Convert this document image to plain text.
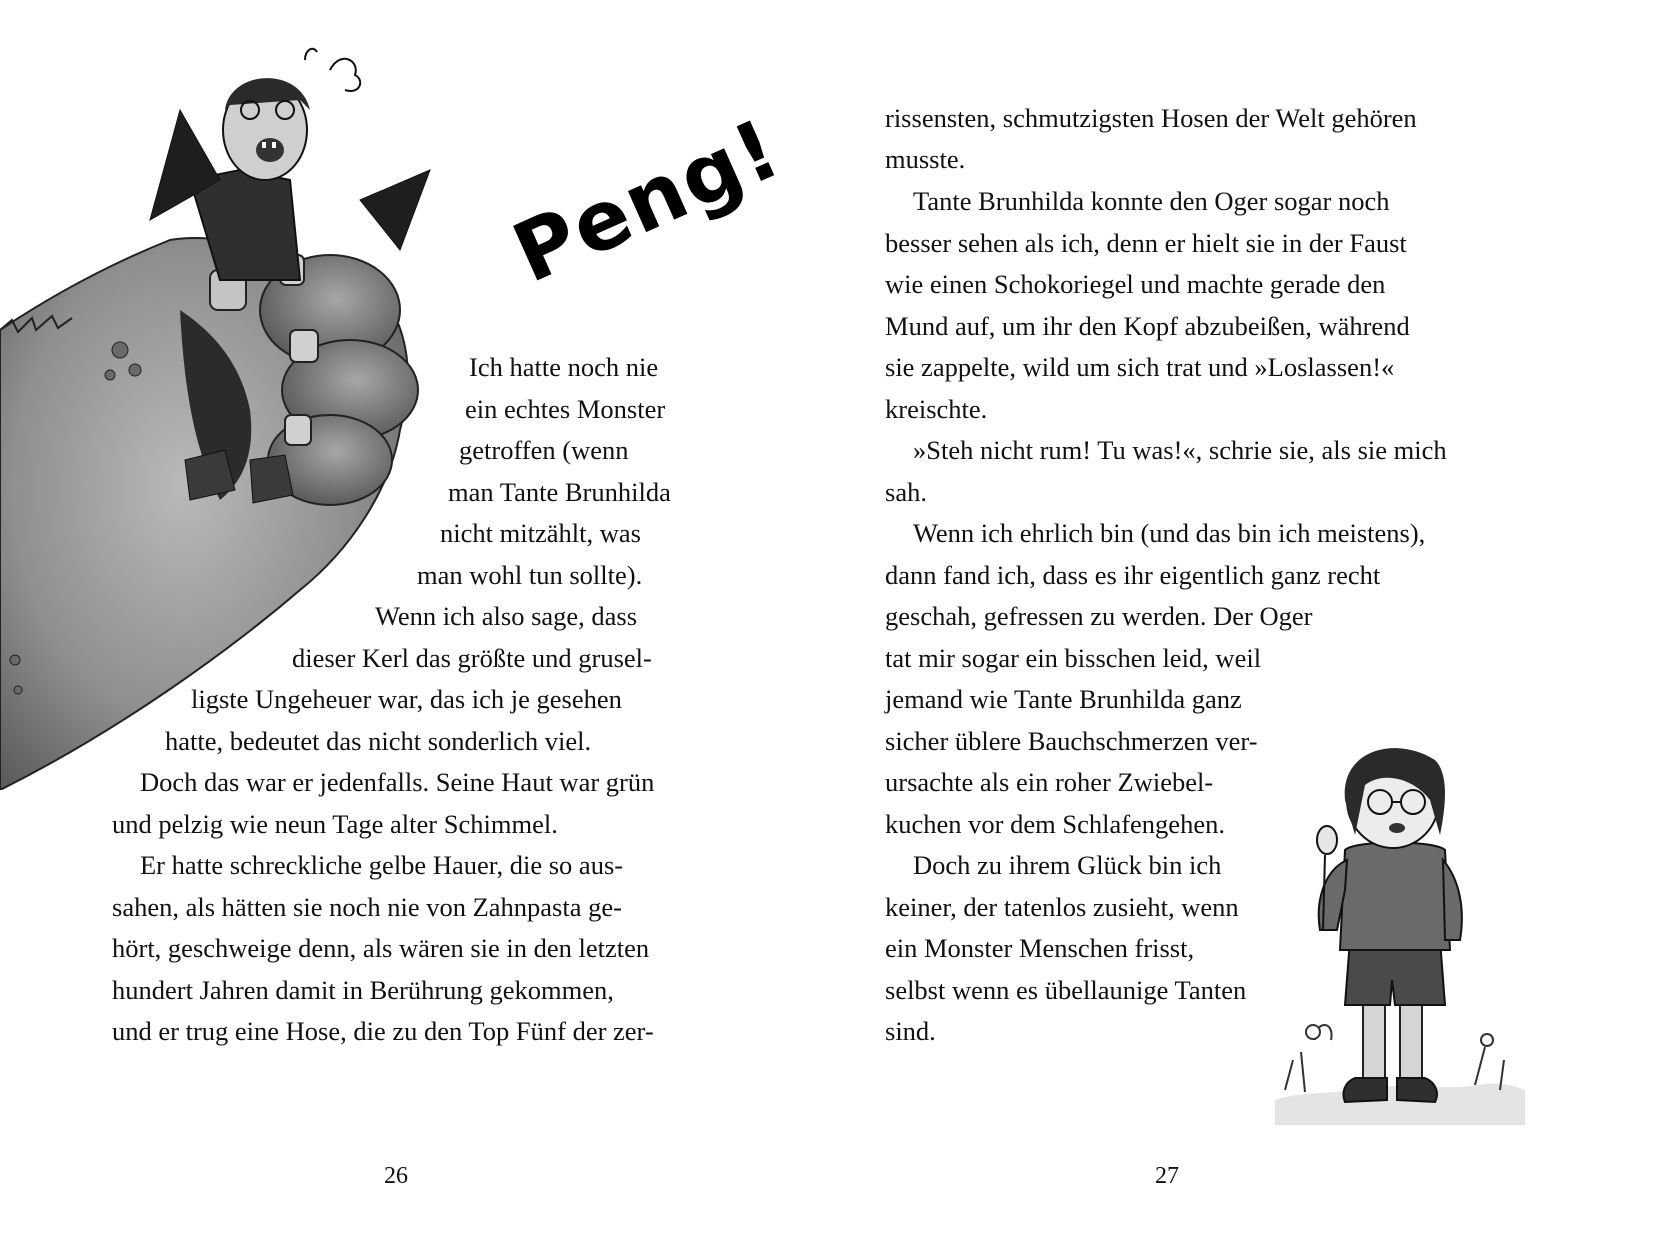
Peng!
Ich hatte noch nie
ein echtes Monster
getroffen (wenn
man Tante Brunhilda
nicht mitzählt, was
man wohl tun sollte).
Wenn ich also sage, dass
dieser Kerl das größte und grusel-
ligste Ungeheuer war, das ich je gesehen
hatte, bedeutet das nicht sonderlich viel.
Doch das war er jedenfalls. Seine Haut war grün
und pelzig wie neun Tage alter Schimmel.
Er hatte schreckliche gelbe Hauer, die so aus-
sahen, als hätten sie noch nie von Zahnpasta ge-
hört, geschweige denn, als wären sie in den letzten
hundert Jahren damit in Berührung gekommen,
und er trug eine Hose, die zu den Top Fünf der zer-
26
rissensten, schmutzigsten Hosen der Welt gehören
musste.
Tante Brunhilda konnte den Oger sogar noch
besser sehen als ich, denn er hielt sie in der Faust
wie einen Schokoriegel und machte gerade den
Mund auf, um ihr den Kopf abzubeißen, während
sie zappelte, wild um sich trat und »Loslassen!«
kreischte.
»Steh nicht rum! Tu was!«, schrie sie, als sie mich
sah.
Wenn ich ehrlich bin (und das bin ich meistens),
dann fand ich, dass es ihr eigentlich ganz recht
geschah, gefressen zu werden. Der Oger
tat mir sogar ein bisschen leid, weil
jemand wie Tante Brunhilda ganz
sicher üblere Bauchschmerzen ver-
ursachte als ein roher Zwiebel-
kuchen vor dem Schlafengehen.
Doch zu ihrem Glück bin ich
keiner, der tatenlos zusieht, wenn
ein Monster Menschen frisst,
selbst wenn es übellaunige Tanten
sind.
27
